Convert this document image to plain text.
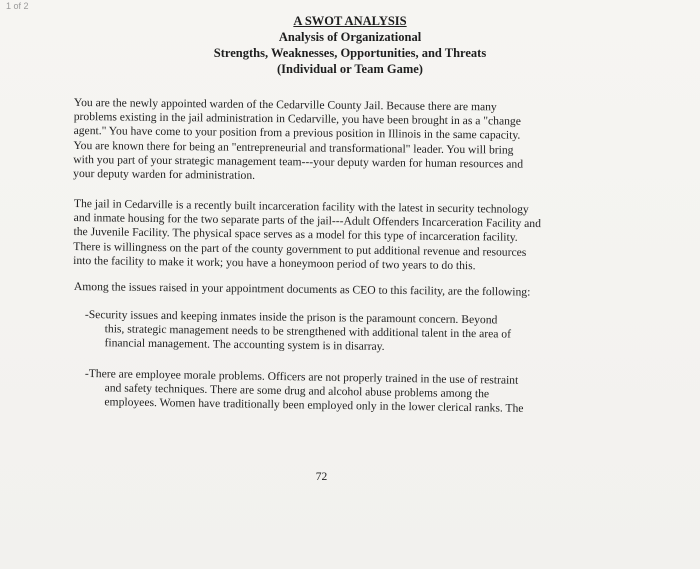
1 of 2
A SWOT ANALYSIS
Analysis of Organizational
Strengths, Weaknesses, Opportunities, and Threats
(Individual or Team Game)
You are the newly appointed warden of the Cedarville County Jail. Because there are many
problems existing in the jail administration in Cedarville, you have been brought in as a "change
agent." You have come to your position from a previous position in Illinois in the same capacity.
You are known there for being an "entrepreneurial and transformational" leader. You will bring
with you part of your strategic management team---your deputy warden for human resources and
your deputy warden for administration.
The jail in Cedarville is a recently built incarceration facility with the latest in security technology
and inmate housing for the two separate parts of the jail---Adult Offenders Incarceration Facility and
the Juvenile Facility. The physical space serves as a model for this type of incarceration facility.
There is willingness on the part of the county government to put additional revenue and resources
into the facility to make it work; you have a honeymoon period of two years to do this.
Among the issues raised in your appointment documents as CEO to this facility, are the following:
-Security issues and keeping inmates inside the prison is the paramount concern. Beyond
this, strategic management needs to be strengthened with additional talent in the area of
financial management. The accounting system is in disarray.
-There are employee morale problems. Officers are not properly trained in the use of restraint
and safety techniques. There are some drug and alcohol abuse problems among the
employees. Women have traditionally been employed only in the lower clerical ranks. The
72
